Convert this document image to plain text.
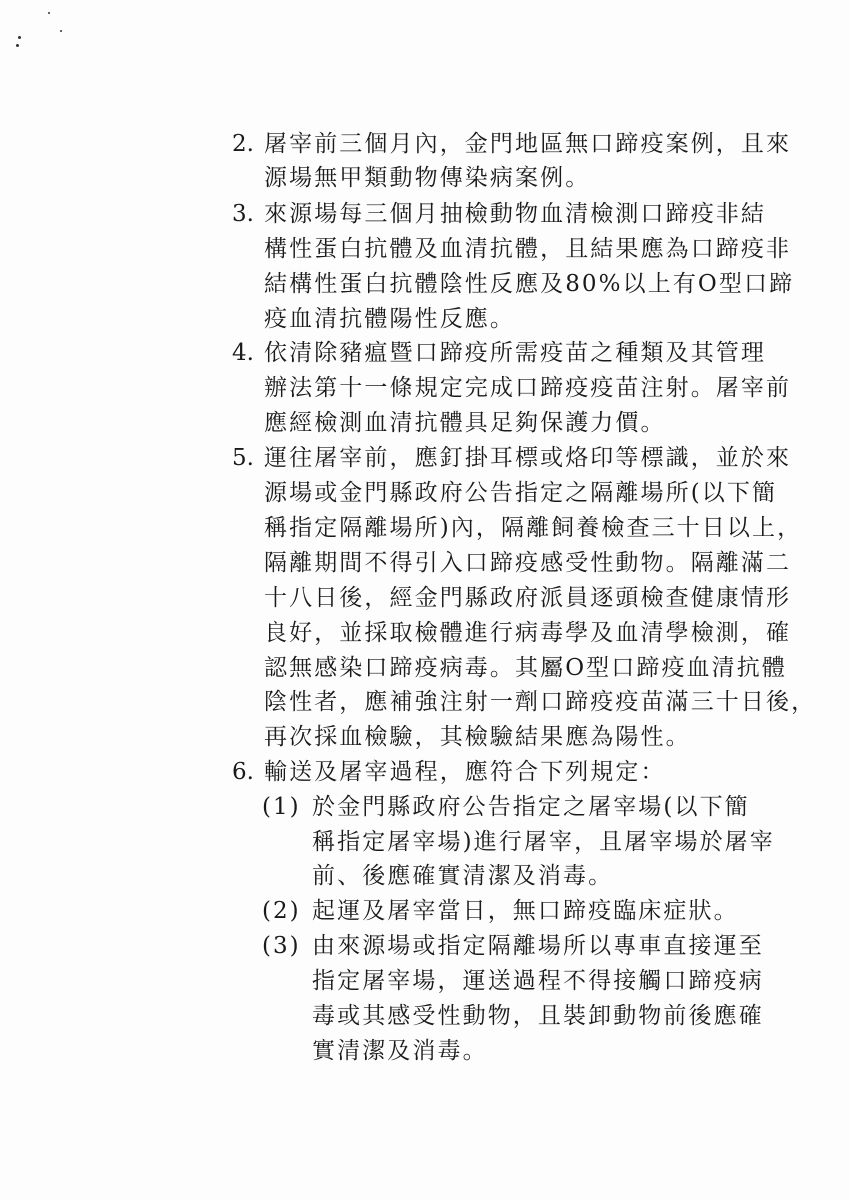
2. 屠宰前三個月內，金門地區無口蹄疫案例，且來
源場無甲類動物傳染病案例。
3. 來源場每三個月抽檢動物血清檢測口蹄疫非結
構性蛋白抗體及血清抗體，且結果應為口蹄疫非
結構性蛋白抗體陰性反應及80%以上有O型口蹄
疫血清抗體陽性反應。
4. 依清除豬瘟暨口蹄疫所需疫苗之種類及其管理
辦法第十一條規定完成口蹄疫疫苗注射。屠宰前
應經檢測血清抗體具足夠保護力價。
5. 運往屠宰前，應釘掛耳標或烙印等標識，並於來
源場或金門縣政府公告指定之隔離場所(以下簡
稱指定隔離場所)內，隔離飼養檢查三十日以上，
隔離期間不得引入口蹄疫感受性動物。隔離滿二
十八日後，經金門縣政府派員逐頭檢查健康情形
良好，並採取檢體進行病毒學及血清學檢測，確
認無感染口蹄疫病毒。其屬O型口蹄疫血清抗體
陰性者，應補強注射一劑口蹄疫疫苗滿三十日後，
再次採血檢驗，其檢驗結果應為陽性。
6. 輸送及屠宰過程，應符合下列規定：
(1) 於金門縣政府公告指定之屠宰場(以下簡
稱指定屠宰場)進行屠宰，且屠宰場於屠宰
前、後應確實清潔及消毒。
(2) 起運及屠宰當日，無口蹄疫臨床症狀。
(3) 由來源場或指定隔離場所以專車直接運至
指定屠宰場，運送過程不得接觸口蹄疫病
毒或其感受性動物，且裝卸動物前後應確
實清潔及消毒。
